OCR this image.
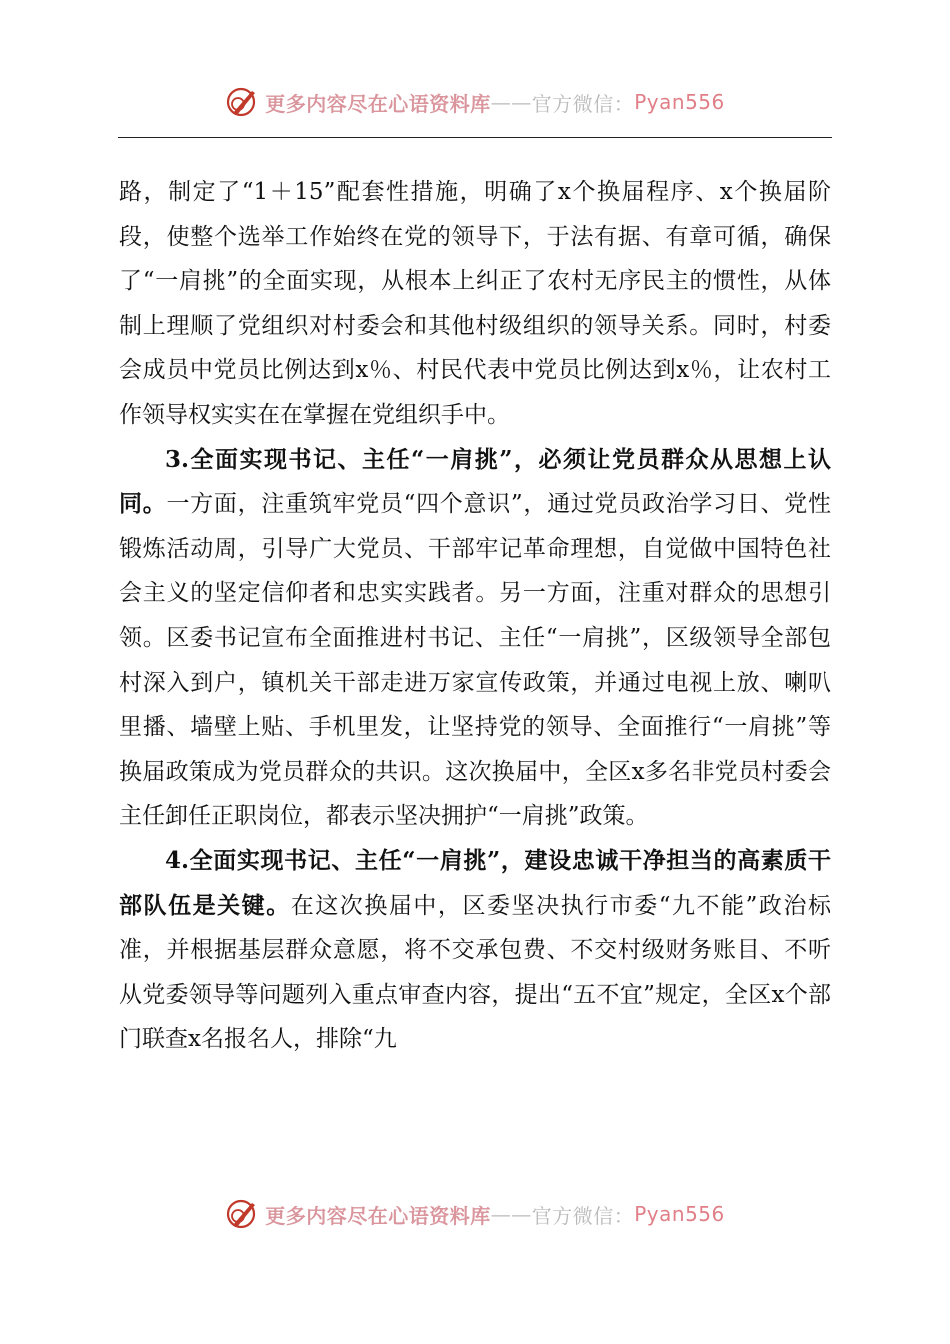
更多内容尽在心语资料库 —— 官方微信： Pyan556

路，制定了“1＋15”配套性措施，明确了x个换届程序、x个换届阶段，使整个选举工作始终在党的领导下，于法有据、有章可循，确保了“一肩挑”的全面实现，从根本上纠正了农村无序民主的惯性，从体制上理顺了党组织对村委会和其他村级组织的领导关系。同时，村委会成员中党员比例达到x％、村民代表中党员比例达到x％，让农村工作领导权实实在在掌握在党组织手中。

3.全面实现书记、主任“一肩挑”，必须让党员群众从思想上认同。一方面，注重筑牢党员“四个意识”，通过党员政治学习日、党性锻炼活动周，引导广大党员、干部牢记革命理想，自觉做中国特色社会主义的坚定信仰者和忠实实践者。另一方面，注重对群众的思想引领。区委书记宣布全面推进村书记、主任“一肩挑”，区级领导全部包村深入到户，镇机关干部走进万家宣传政策，并通过电视上放、喇叭里播、墙壁上贴、手机里发，让坚持党的领导、全面推行“一肩挑”等换届政策成为党员群众的共识。这次换届中，全区x多名非党员村委会主任卸任正职岗位，都表示坚决拥护“一肩挑”政策。

4.全面实现书记、主任“一肩挑”，建设忠诚干净担当的高素质干部队伍是关键。在这次换届中，区委坚决执行市委“九不能”政治标准，并根据基层群众意愿，将不交承包费、不交村级财务账目、不听从党委领导等问题列入重点审查内容，提出“五不宜”规定，全区x个部门联查x名报名人，排除“九

更多内容尽在心语资料库 —— 官方微信： Pyan556
